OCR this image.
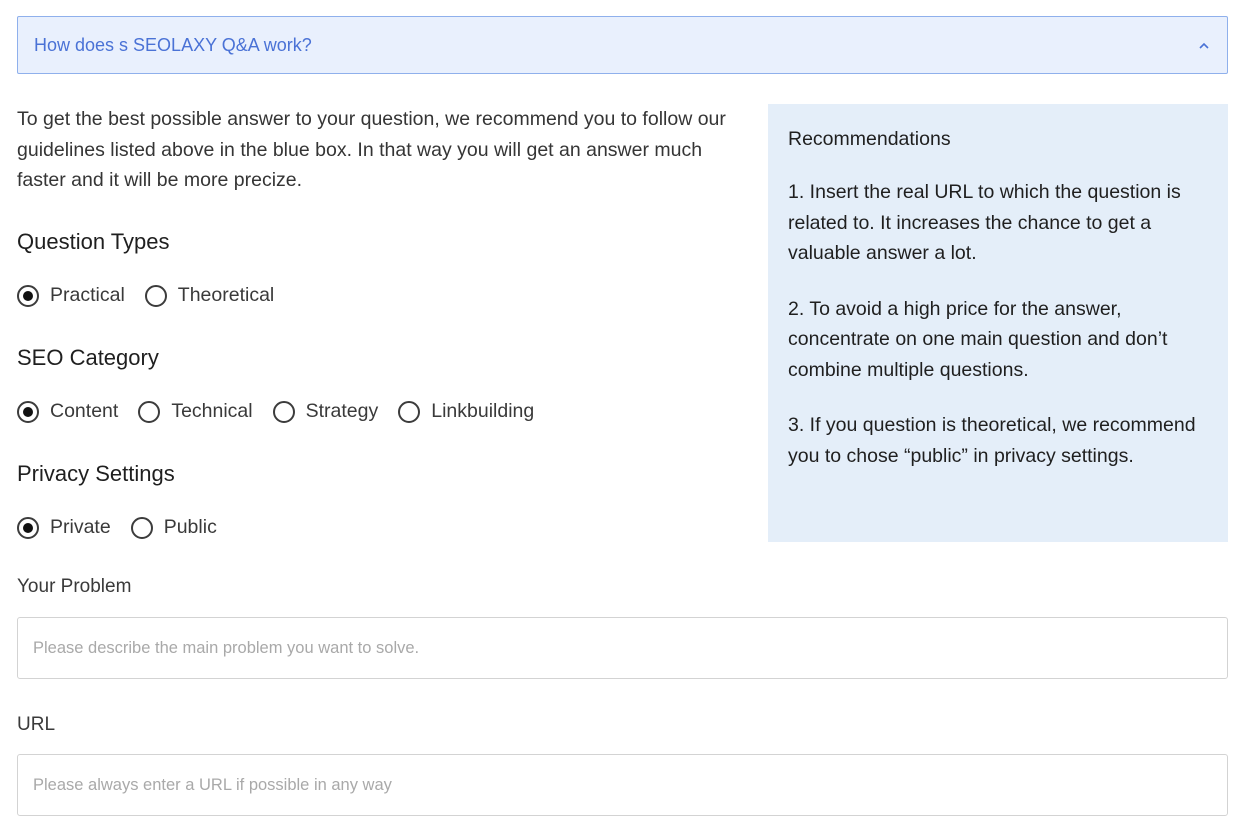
How does s SEOLAXY Q&A work?
To get the best possible answer to your question, we recommend you to follow our guidelines listed above in the blue box. In that way you will get an answer much faster and it will be more precize.
Question Types
Practical	Theoretical
SEO Category
Content	Technical	Strategy	Linkbuilding
Privacy Settings
Private	Public
Your Problem
Please describe the main problem you want to solve.
URL
Please always enter a URL if possible in any way
Recommendations

1. Insert the real URL to which the question is related to. It increases the chance to get a valuable answer a lot.

2. To avoid a high price for the answer, concentrate on one main question and don’t combine multiple questions.

3. If you question is theoretical, we recommend you to chose “public” in privacy settings.
